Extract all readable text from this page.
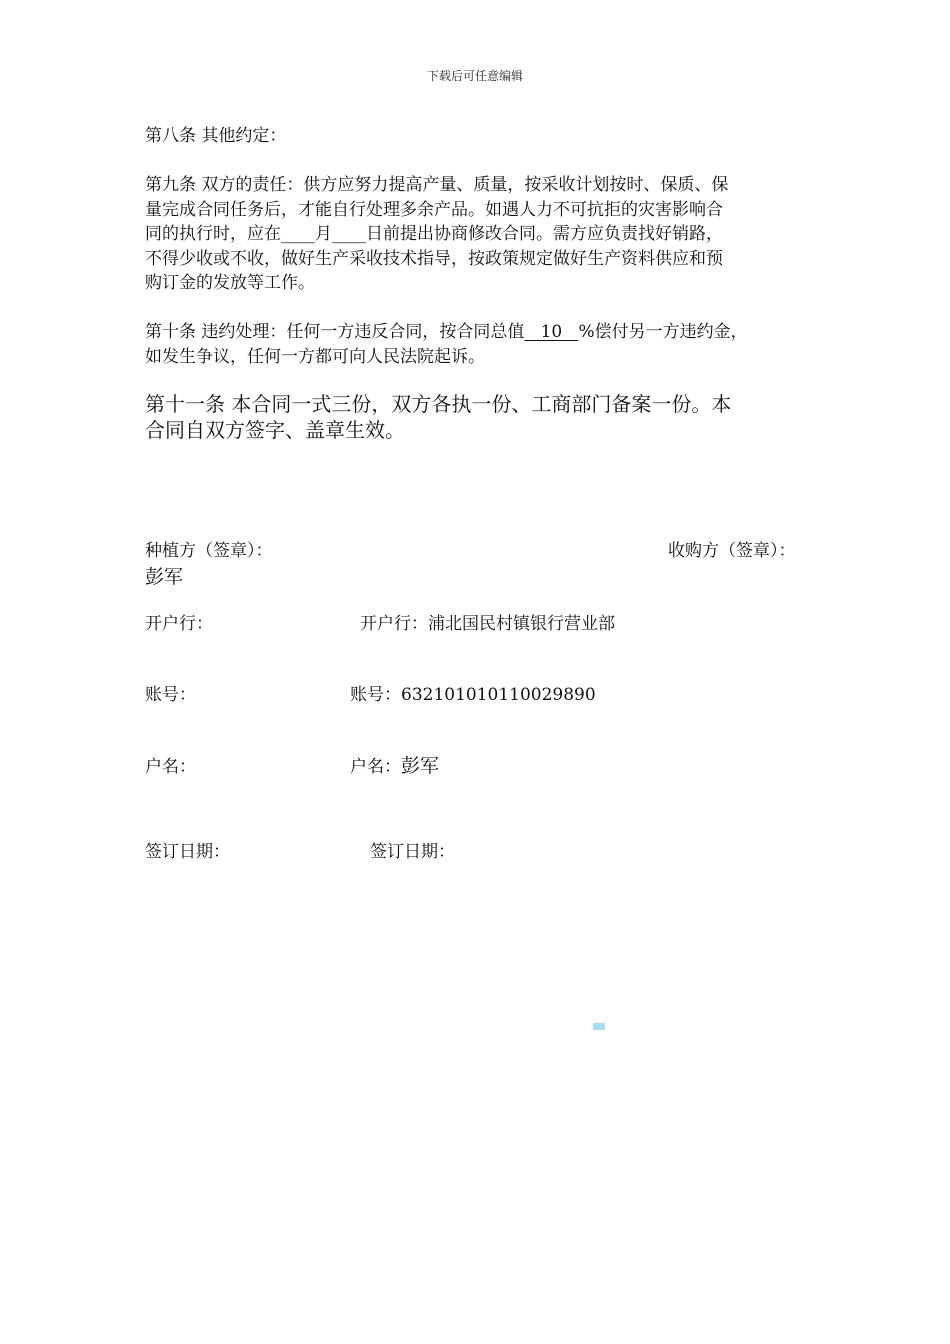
下载后可任意编辑
第八条 其他约定：
第九条 双方的责任：供方应努力提高产量、质量，按采收计划按时、保质、保
量完成合同任务后，才能自行处理多余产品。如遇人力不可抗拒的灾害影响合
同的执行时，应在____月____日前提出协商修改合同。需方应负责找好销路，
不得少收或不收，做好生产采收技术指导，按政策规定做好生产资料供应和预
购订金的发放等工作。
第十条 违约处理：任何一方违反合同，按合同总值   10   %偿付另一方违约金，
如发生争议，任何一方都可向人民法院起诉。
第十一条 本合同一式三份，双方各执一份、工商部门备案一份。本
合同自双方签字、盖章生效。
种植方（签章）：	收购方（签章）：
彭军
开户行：	开户行：浦北国民村镇银行营业部
账号：	账号：632101010110029890
户名：	户名：彭军
签订日期：	签订日期：
